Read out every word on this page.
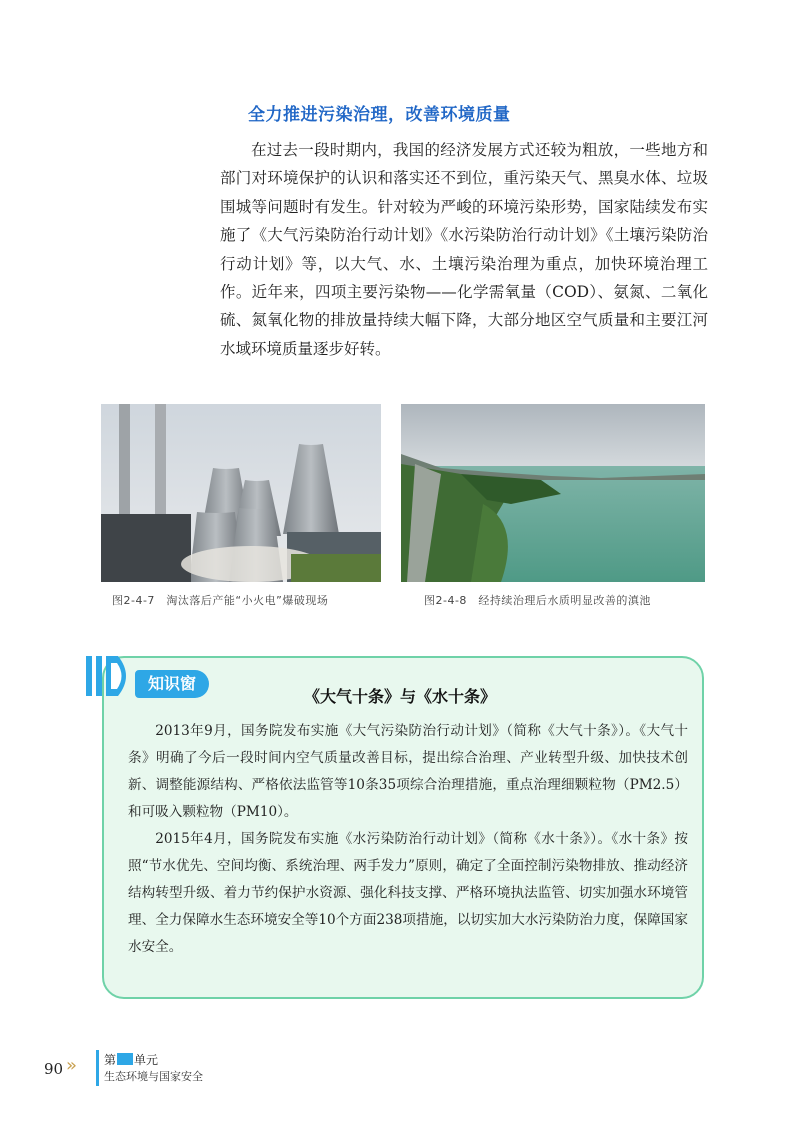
全力推进污染治理，改善环境质量

在过去一段时期内，我国的经济发展方式还较为粗放，一些地方和部门对环境保护的认识和落实还不到位，重污染天气、黑臭水体、垃圾围城等问题时有发生。针对较为严峻的环境污染形势，国家陆续发布实施了《大气污染防治行动计划》《水污染防治行动计划》《土壤污染防治行动计划》等，以大气、水、土壤污染治理为重点，加快环境治理工作。近年来，四项主要污染物——化学需氧量（COD）、氨氮、二氧化硫、氮氧化物的排放量持续大幅下降，大部分地区空气质量和主要江河水域环境质量逐步好转。

图2-4-7　淘汰落后产能“小火电”爆破现场	图2-4-8　经持续治理后水质明显改善的滇池
知识窗
《大气十条》与《水十条》

2013年9月，国务院发布实施《大气污染防治行动计划》（简称《大气十条》）。《大气十条》明确了今后一段时间内空气质量改善目标，提出综合治理、产业转型升级、加快技术创新、调整能源结构、严格依法监管等10条35项综合治理措施，重点治理细颗粒物（PM2.5）和可吸入颗粒物（PM10）。

2015年4月，国务院发布实施《水污染防治行动计划》（简称《水十条》）。《水十条》按照“节水优先、空间均衡、系统治理、两手发力”原则，确定了全面控制污染物排放、推动经济结构转型升级、着力节约保护水资源、强化科技支撑、严格环境执法监管、切实加强水环境管理、全力保障水生态环境安全等10个方面238项措施，以切实加大水污染防治力度，保障国家水安全。

90 » 第 单元
生态环境与国家安全
